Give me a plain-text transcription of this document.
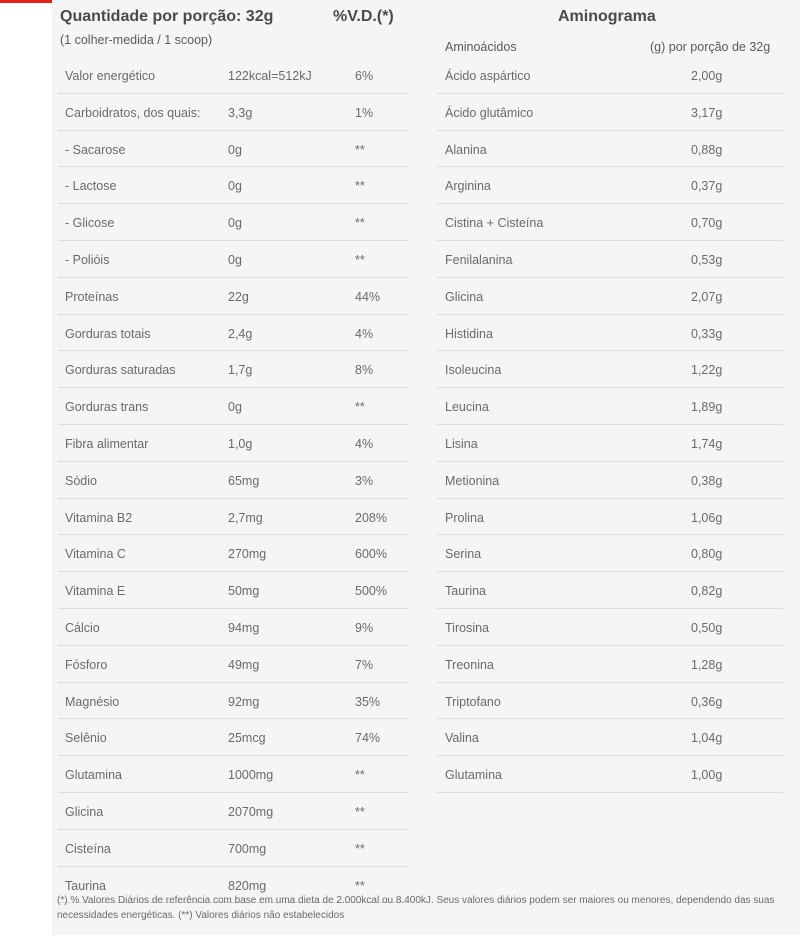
Quantidade por porção: 32g	%V.D.(*)	Aminograma
(1 colher-medida / 1 scoop)	Aminoácidos	(g) por porção de 32g
Valor energético	122kcal=512kJ	6%
Carboidratos, dos quais: 3,3g	1%
- Sacarose	0g	**
- Lactose	0g	**
- Glicose	0g	**
- Polióis	0g	**
Proteínas	22g	44%
Gorduras totais	2,4g	4%
Gorduras saturadas	1,7g	8%
Gorduras trans	0g	**
Fibra alimentar	1,0g	4%
Sódio	65mg	3%
Vitamina B2	2,7mg	208%
Vitamina C	270mg	600%
Vitamina E	50mg	500%
Cálcio	94mg	9%
Fósforo	49mg	7%
Magnésio	92mg	35%
Selênio	25mcg	74%
Glutamina	1000mg	**
Glicina	2070mg	**
Cisteína	700mg	**
Taurina	820mg	**
Ácido aspártico	2,00g
Ácido glutâmico	3,17g
Alanina	0,88g
Arginina	0,37g
Cistina + Cisteína	0,70g
Fenilalanina	0,53g
Glicina	2,07g
Histidina	0,33g
Isoleucina	1,22g
Leucina	1,89g
Lisina	1,74g
Metionina	0,38g
Prolina	1,06g
Serina	0,80g
Taurina	0,82g
Tirosina	0,50g
Treonina	1,28g
Triptofano	0,36g
Valina	1,04g
Glutamina	1,00g
(*) % Valores Diários de referência com base em uma dieta de 2.000kcal ou 8.400kJ. Seus valores diários podem ser maiores ou menores, dependendo das suas necessidades energéticas. (**) Valores diários não estabelecidos
